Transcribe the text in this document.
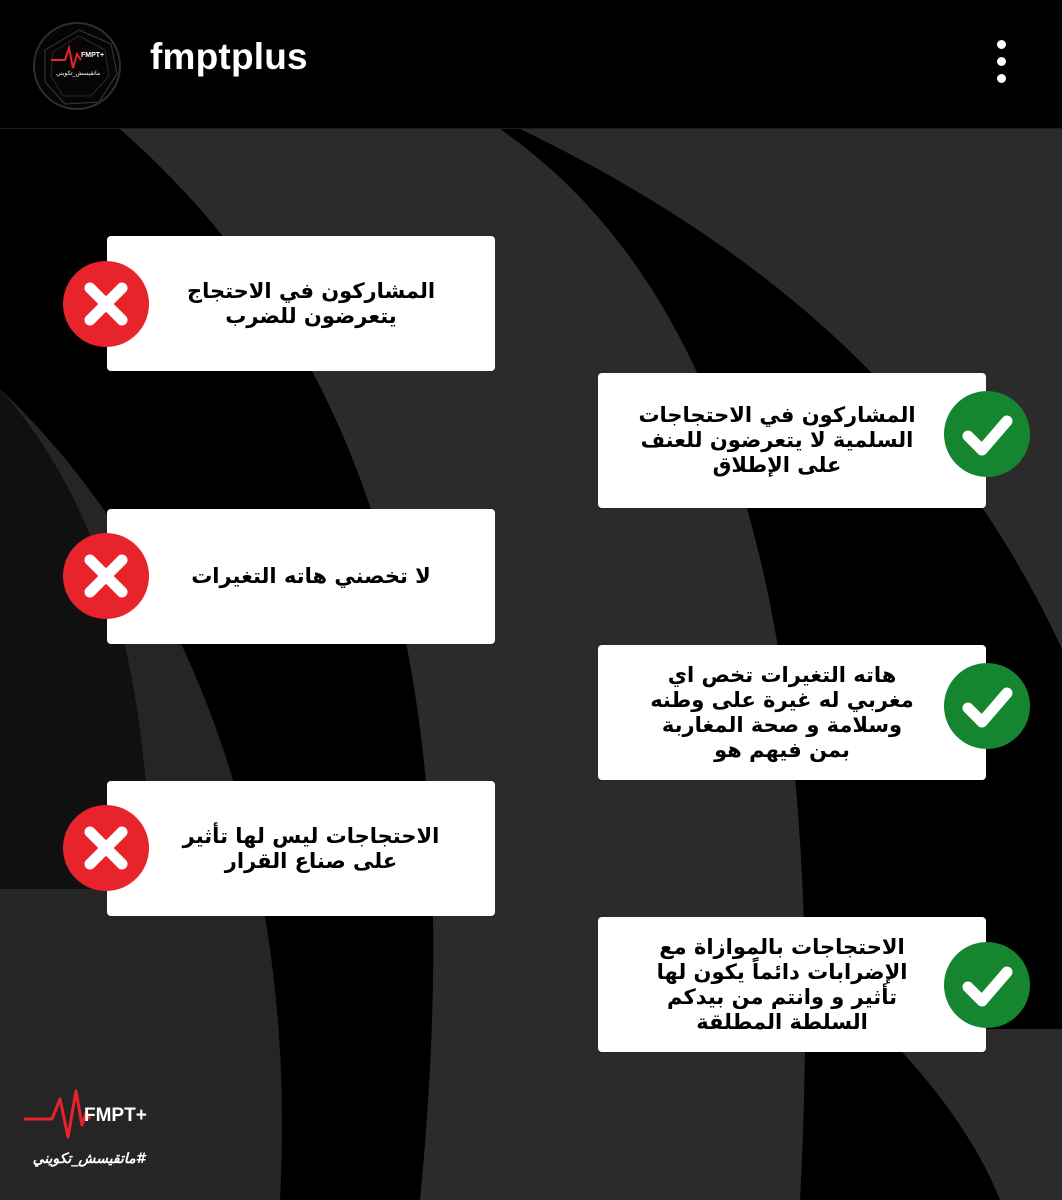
FMPT+
ماتقيسش_تكويني fmptplus
المشاركون في الاحتجاج يتعرضون للضرب
المشاركون في الاحتجاجات السلمية لا يتعرضون للعنف على الإطلاق
لا تخصني هاته التغيرات
هاته التغيرات تخص اي مغربي له غيرة على وطنه وسلامة و صحة المغاربة بمن فيهم هو
الاحتجاجات ليس لها تأثير على صناع القرار
الاحتجاجات بالموازاة مع الإضرابات دائماً يكون لها تأثير و وانتم من بيدكم السلطة المطلقة
FMPT+
#ماتقيسش_تكويني
